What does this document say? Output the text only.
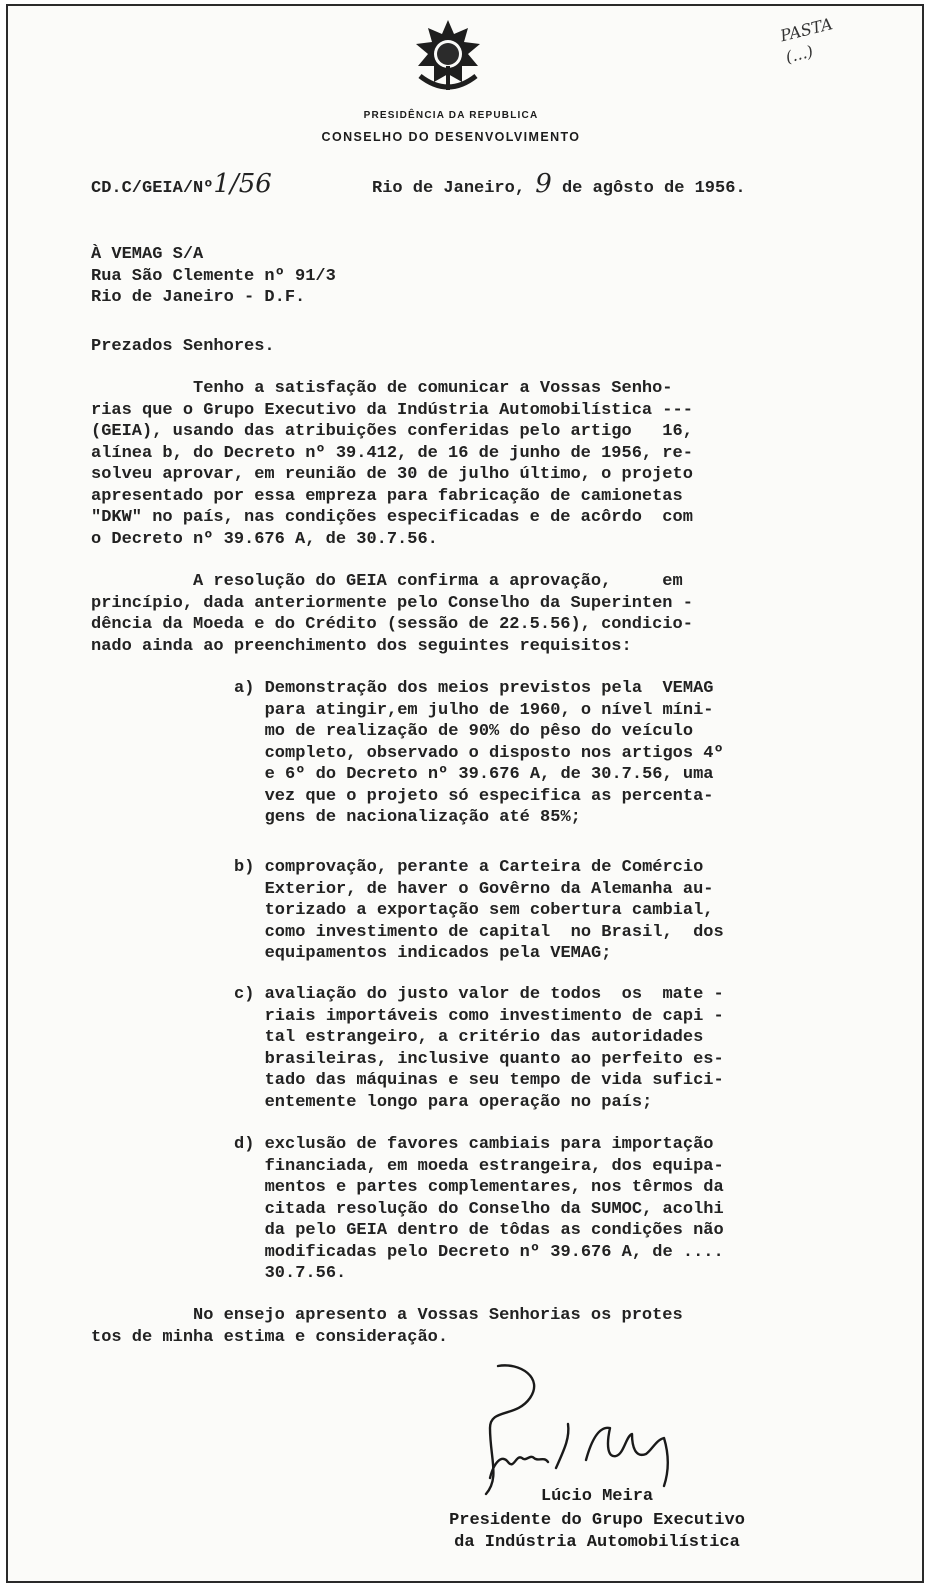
PRESIDÊNCIA DA REPUBLICA
CONSELHO DO DESENVOLVIMENTO
PASTA
(...)
CD.C/GEIA/Nº1/56	Rio de Janeiro, 9 de agôsto de 1956.
À VEMAG S/A
Rua São Clemente nº 91/3
Rio de Janeiro - D.F.
Prezados Senhores.
Tenho a satisfação de comunicar a Vossas Senho-
rias que o Grupo Executivo da Indústria Automobilística ---
(GEIA), usando das atribuições conferidas pelo artigo   16,
alínea b, do Decreto nº 39.412, de 16 de junho de 1956, re-
solveu aprovar, em reunião de 30 de julho último, o projeto
apresentado por essa empreza para fabricação de camionetas
"DKW" no país, nas condições especificadas e de acôrdo  com
o Decreto nº 39.676 A, de 30.7.56.
A resolução do GEIA confirma a aprovação,     em
princípio, dada anteriormente pelo Conselho da Superinten -
dência da Moeda e do Crédito (sessão de 22.5.56), condicio-
nado ainda ao preenchimento dos seguintes requisitos:
a) Demonstração dos meios previstos pela  VEMAG
para atingir,em julho de 1960, o nível míni-
mo de realização de 90% do pêso do veículo
completo, observado o disposto nos artigos 4º
e 6º do Decreto nº 39.676 A, de 30.7.56, uma
vez que o projeto só especifica as percenta-
gens de nacionalização até 85%;
b) comprovação, perante a Carteira de Comércio
Exterior, de haver o Govêrno da Alemanha au-
torizado a exportação sem cobertura cambial,
como investimento de capital  no Brasil,  dos
equipamentos indicados pela VEMAG;
c) avaliação do justo valor de todos  os  mate -
riais importáveis como investimento de capi -
tal estrangeiro, a critério das autoridades
brasileiras, inclusive quanto ao perfeito es-
tado das máquinas e seu tempo de vida sufici-
entemente longo para operação no país;
d) exclusão de favores cambiais para importação
financiada, em moeda estrangeira, dos equipa-
mentos e partes complementares, nos têrmos da
citada resolução do Conselho da SUMOC, acolhi
da pelo GEIA dentro de tôdas as condições não
modificadas pelo Decreto nº 39.676 A, de ....
30.7.56.
No ensejo apresento a Vossas Senhorias os protes
tos de minha estima e consideração.
Lúcio Meira
Presidente do Grupo Executivo
da Indústria Automobilística
